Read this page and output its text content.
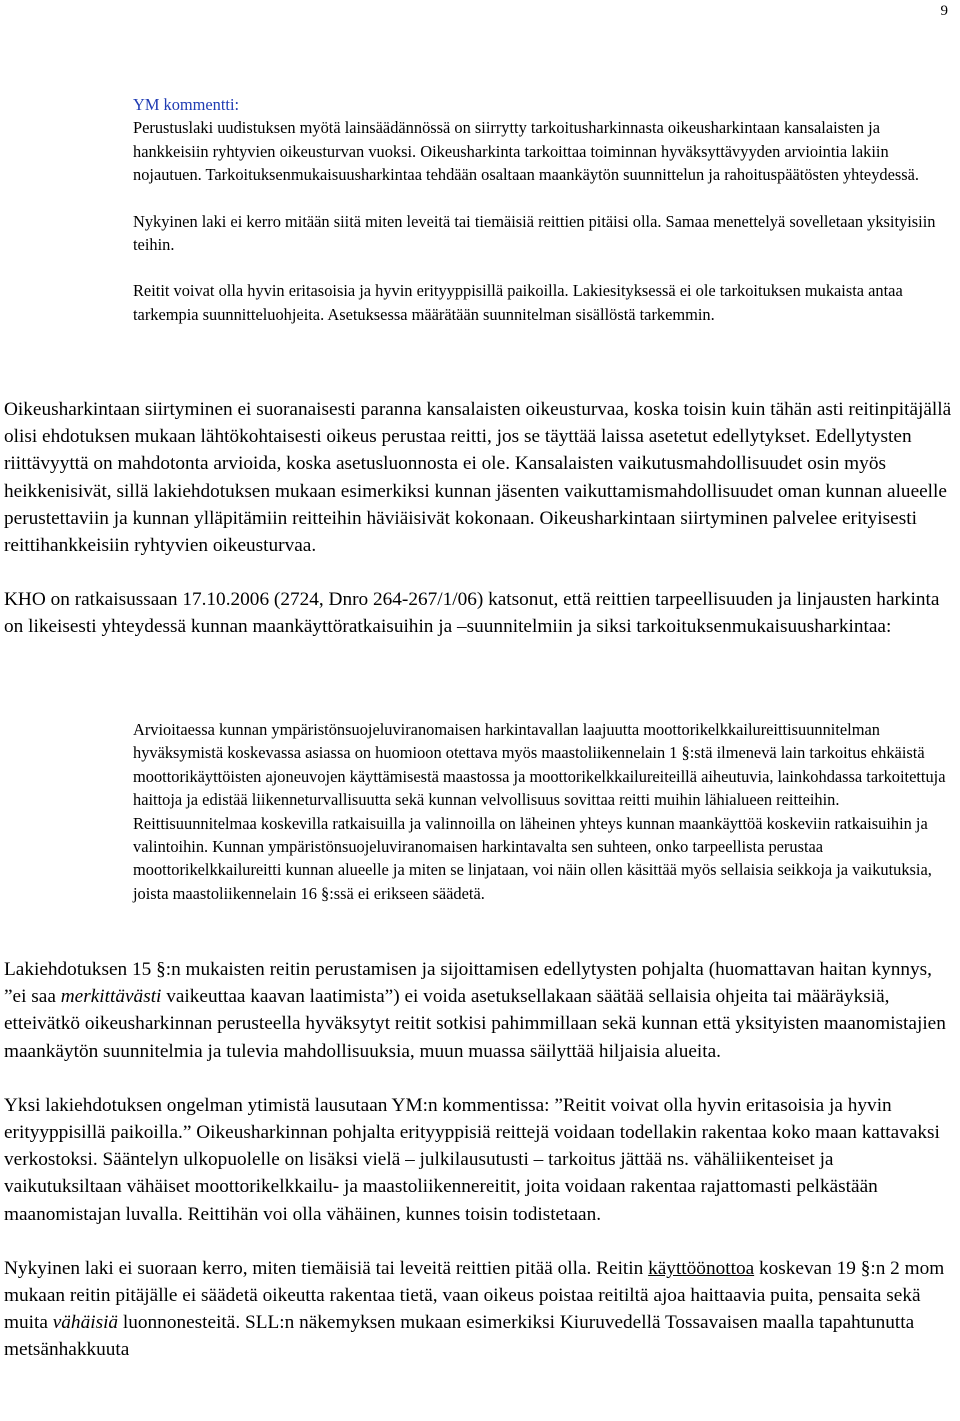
9

YM kommentti:
Perustuslaki uudistuksen myötä lainsäädännössä on siirrytty tarkoitusharkinnasta oikeusharkintaan kansalaisten ja hankkeisiin ryhtyvien oikeusturvan vuoksi. Oikeusharkinta tarkoittaa toiminnan hyväksyttävyyden arviointia lakiin nojautuen. Tarkoituksenmukaisuusharkintaa tehdään osaltaan maankäytön suunnittelun ja rahoituspäätösten yhteydessä.

Nykyinen laki ei kerro mitään siitä miten leveitä tai tiemäisiä reittien pitäisi olla. Samaa menettelyä sovelletaan yksityisiin teihin.

Reitit voivat olla hyvin eritasoisia ja hyvin erityyppisillä paikoilla. Lakiesityksessä ei ole tarkoituksen mukaista antaa tarkempia suunnitteluohjeita. Asetuksessa määrätään suunnitelman sisällöstä tarkemmin.

Oikeusharkintaan siirtyminen ei suoranaisesti paranna kansalaisten oikeusturvaa, koska toisin kuin tähän asti reitinpitäjällä olisi ehdotuksen mukaan lähtökohtaisesti oikeus perustaa reitti, jos se täyttää laissa asetetut edellytykset. Edellytysten riittävyyttä on mahdotonta arvioida, koska asetusluonnosta ei ole. Kansalaisten vaikutusmahdollisuudet osin myös heikkenisivät, sillä lakiehdotuksen mukaan esimerkiksi kunnan jäsenten vaikuttamismahdollisuudet oman kunnan alueelle perustettaviin ja kunnan ylläpitämiin reitteihin häviäisivät kokonaan. Oikeusharkintaan siirtyminen palvelee erityisesti reittihankkeisiin ryhtyvien oikeusturvaa.

KHO on ratkaisussaan 17.10.2006 (2724, Dnro 264-267/1/06) katsonut, että reittien tarpeellisuuden ja linjausten harkinta on likeisesti yhteydessä kunnan maankäyttöratkaisuihin ja –suunnitelmiin ja siksi tarkoituksenmukaisuusharkintaa:

Arvioitaessa kunnan ympäristönsuojeluviranomaisen harkintavallan laajuutta moottorikelkkailureittisuunnitelman hyväksymistä koskevassa asiassa on huomioon otettava myös maastoliikennelain 1 §:stä ilmenevä lain tarkoitus ehkäistä moottorikäyttöisten ajoneuvojen käyttämisestä maastossa ja moottorikelkkailureiteillä aiheutuvia, lainkohdassa tarkoitettuja haittoja ja edistää liikenneturvallisuutta sekä kunnan velvollisuus sovittaa reitti muihin lähialueen reitteihin. Reittisuunnitelmaa koskevilla ratkaisuilla ja valinnoilla on läheinen yhteys kunnan maankäyttöä koskeviin ratkaisuihin ja valintoihin. Kunnan ympäristönsuojeluviranomaisen harkintavalta sen suhteen, onko tarpeellista perustaa moottorikelkkailureitti kunnan alueelle ja miten se linjataan, voi näin ollen käsittää myös sellaisia seikkoja ja vaikutuksia, joista maastoliikennelain 16 §:ssä ei erikseen säädetä.

Lakiehdotuksen 15 §:n mukaisten reitin perustamisen ja sijoittamisen edellytysten pohjalta (huomattavan haitan kynnys, ”ei saa merkittävästi vaikeuttaa kaavan laatimista”) ei voida asetuksellakaan säätää sellaisia ohjeita tai määräyksiä, etteivätkö oikeusharkinnan perusteella hyväksytyt reitit sotkisi pahimmillaan sekä kunnan että yksityisten maanomistajien maankäytön suunnitelmia ja tulevia mahdollisuuksia, muun muassa säilyttää hiljaisia alueita.

Yksi lakiehdotuksen ongelman ytimistä lausutaan YM:n kommentissa: ”Reitit voivat olla hyvin eritasoisia ja hyvin erityyppisillä paikoilla.” Oikeusharkinnan pohjalta erityyppisiä reittejä voidaan todellakin rakentaa koko maan kattavaksi verkostoksi. Sääntelyn ulkopuolelle on lisäksi vielä – julkilausutusti – tarkoitus jättää ns. vähäliikenteiset ja vaikutuksiltaan vähäiset moottorikelkkailu- ja maastoliikennereitit, joita voidaan rakentaa rajattomasti pelkästään maanomistajan luvalla. Reittihän voi olla vähäinen, kunnes toisin todistetaan.

Nykyinen laki ei suoraan kerro, miten tiemäisiä tai leveitä reittien pitää olla. Reitin käyttöönottoa koskevan 19 §:n 2 mom mukaan reitin pitäjälle ei säädetä oikeutta rakentaa tietä, vaan oikeus poistaa reitiltä ajoa haittaavia puita, pensaita sekä muita vähäisiä luonnonesteitä. SLL:n näkemyksen mukaan esimerkiksi Kiuruvedellä Tossavaisen maalla tapahtunutta metsänhakkuuta
